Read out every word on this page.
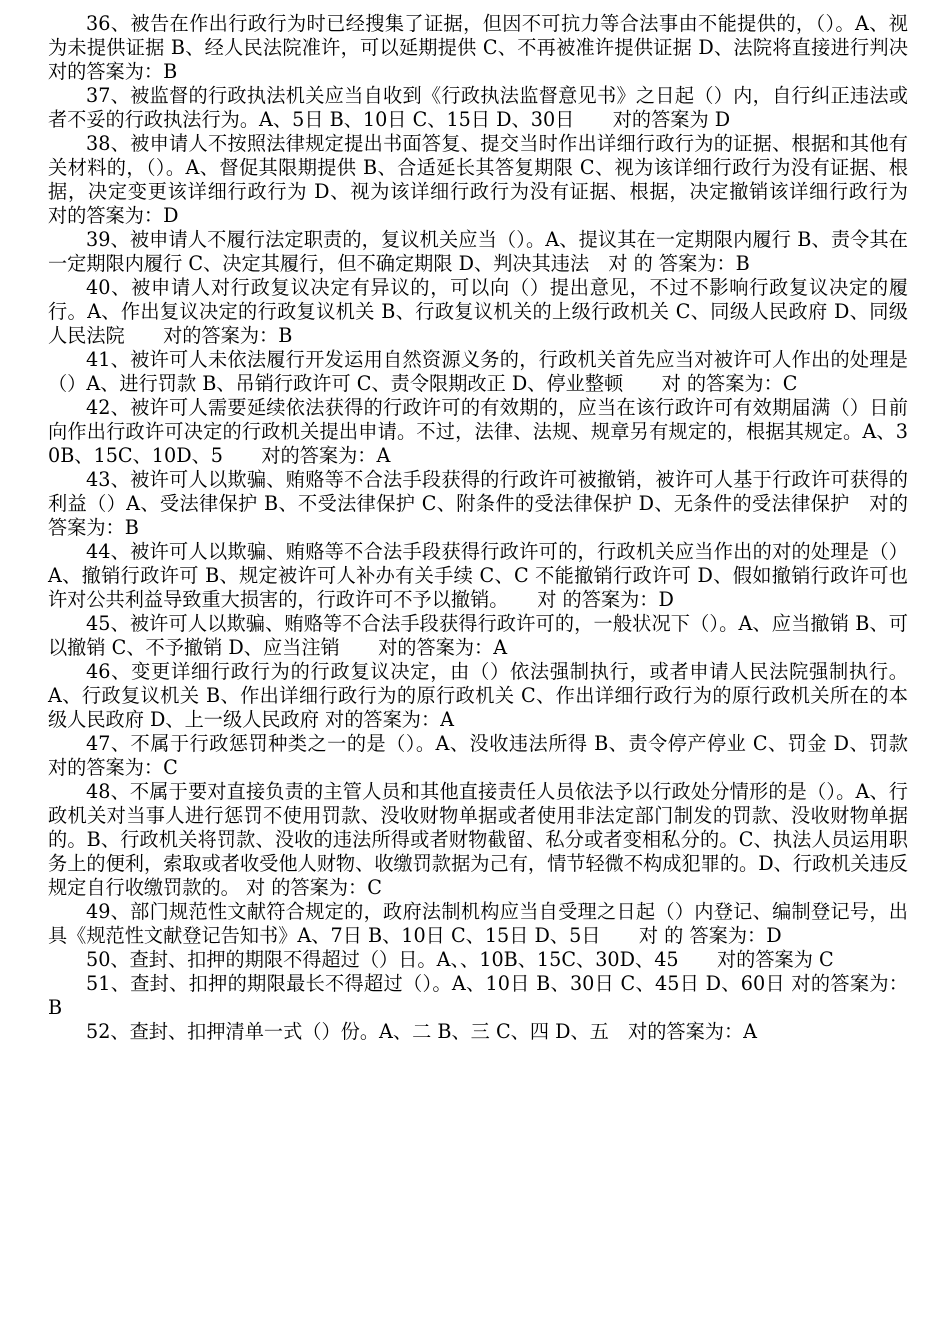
36、被告在作出行政行为时已经搜集了证据，但因不可抗力等合法事由不能提供的，（）。A、视为未提供证据 B、经人民法院准许，可以延期提供 C、不再被准许提供证据 D、法院将直接进行判决　　对的答案为：B

37、被监督的行政执法机关应当自收到《行政执法监督意见书》之日起（）内，自行纠正违法或者不妥的行政执法行为。A、5日 B、10日 C、15日 D、30日　　对的答案为 D

38、被申请人不按照法律规定提出书面答复、提交当时作出详细行政行为的证据、根据和其他有关材料的，（）。A、督促其限期提供 B、合适延长其答复期限 C、视为该详细行政行为没有证据、根据，决定变更该详细行政行为 D、视为该详细行政行为没有证据、根据，决定撤销该详细行政行为　　对的答案为：D

39、被申请人不履行法定职责的，复议机关应当（）。A、提议其在一定期限内履行 B、责令其在一定期限内履行 C、决定其履行，但不确定期限 D、判决其违法　对 的 答案为：B

40、被申请人对行政复议决定有异议的，可以向（）提出意见，不过不影响行政复议决定的履行。A、作出复议决定的行政复议机关 B、行政复议机关的上级行政机关 C、同级人民政府 D、同级人民法院　　对的答案为：B

41、被许可人未依法履行开发运用自然资源义务的，行政机关首先应当对被许可人作出的处理是（）A、进行罚款 B、吊销行政许可 C、责令限期改正 D、停业整顿　　对 的答案为：C

42、被许可人需要延续依法获得的行政许可的有效期的，应当在该行政许可有效期届满（）日前向作出行政许可决定的行政机关提出申请。不过，法律、法规、规章另有规定的，根据其规定。A、30B、15C、10D、5　　对的答案为：A

43、被许可人以欺骗、贿赂等不合法手段获得的行政许可被撤销，被许可人基于行政许可获得的利益（）A、受法律保护 B、不受法律保护 C、附条件的受法律保护 D、无条件的受法律保护　对的答案为：B

44、被许可人以欺骗、贿赂等不合法手段获得行政许可的，行政机关应当作出的对的处理是（）A、撤销行政许可 B、规定被许可人补办有关手续 C、C 不能撤销行政许可 D、假如撤销行政许可也许对公共利益导致重大损害的，行政许可不予以撤销。　　对 的答案为：D

45、被许可人以欺骗、贿赂等不合法手段获得行政许可的，一般状况下（）。A、应当撤销 B、可以撤销 C、不予撤销 D、应当注销　　对的答案为：A

46、变更详细行政行为的行政复议决定，由（）依法强制执行，或者申请人民法院强制执行。A、行政复议机关 B、作出详细行政行为的原行政机关 C、作出详细行政行为的原行政机关所在的本级人民政府 D、上一级人民政府 对的答案为：A

47、不属于行政惩罚种类之一的是（）。A、没收违法所得 B、责令停产停业 C、罚金 D、罚款　　对的答案为：C

48、不属于要对直接负责的主管人员和其他直接责任人员依法予以行政处分情形的是（）。A、行政机关对当事人进行惩罚不使用罚款、没收财物单据或者使用非法定部门制发的罚款、没收财物单据的。B、行政机关将罚款、没收的违法所得或者财物截留、私分或者变相私分的。C、执法人员运用职务上的便利，索取或者收受他人财物、收缴罚款据为己有，情节轻微不构成犯罪的。D、行政机关违反规定自行收缴罚款的。 对 的答案为：C

49、部门规范性文献符合规定的，政府法制机构应当自受理之日起（）内登记、编制登记号，出具《规范性文献登记告知书》A、7日 B、10日 C、15日 D、5日　　对 的 答案为：D

50、查封、扣押的期限不得超过（）日。A、、10B、15C、30D、45　　对的答案为 C

51、查封、扣押的期限最长不得超过（）。A、10日 B、30日 C、45日 D、60日 对的答案为：B

52、查封、扣押清单一式（）份。A、二 B、三 C、四 D、五　对的答案为：A
